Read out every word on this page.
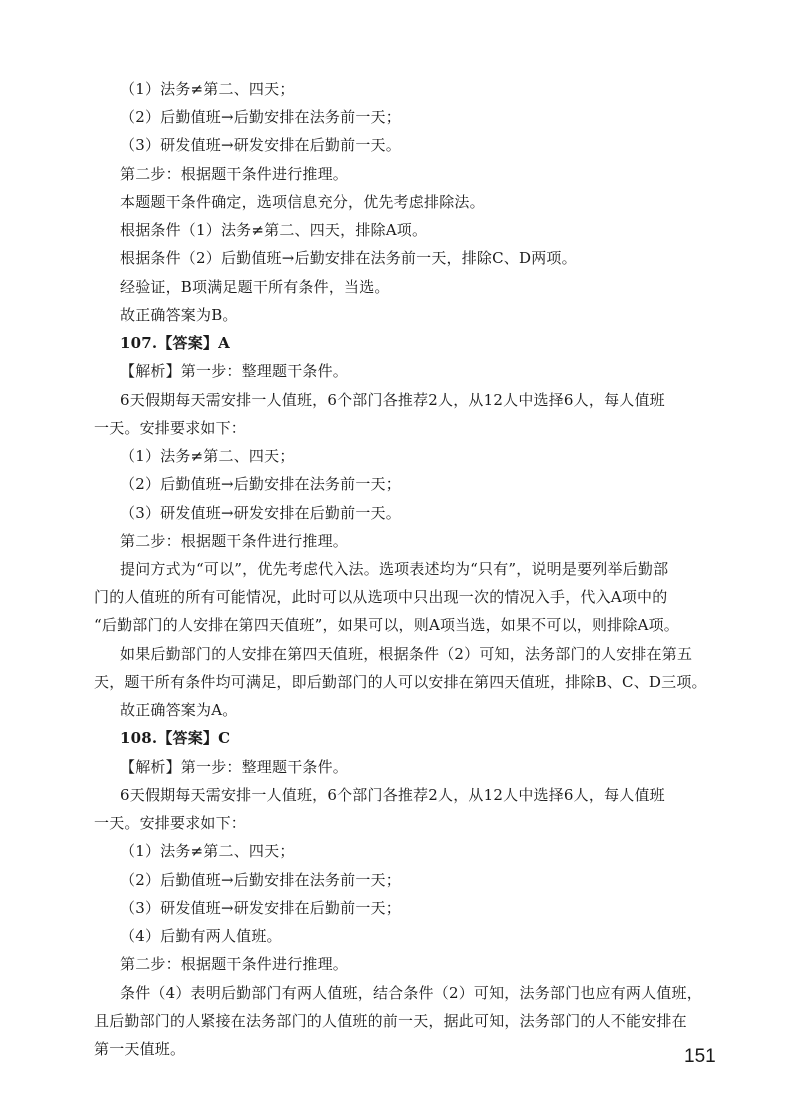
（1）法务≠第二、四天；
（2）后勤值班→后勤安排在法务前一天；
（3）研发值班→研发安排在后勤前一天。
第二步：根据题干条件进行推理。
本题题干条件确定，选项信息充分，优先考虑排除法。
根据条件（1）法务≠第二、四天，排除A项。
根据条件（2）后勤值班→后勤安排在法务前一天，排除C、D两项。
经验证，B项满足题干所有条件，当选。
故正确答案为B。
107.【答案】A
【解析】第一步：整理题干条件。
6天假期每天需安排一人值班，6个部门各推荐2人，从12人中选择6人，每人值班
一天。安排要求如下：
（1）法务≠第二、四天；
（2）后勤值班→后勤安排在法务前一天；
（3）研发值班→研发安排在后勤前一天。
第二步：根据题干条件进行推理。
提问方式为“可以”，优先考虑代入法。选项表述均为“只有”，说明是要列举后勤部
门的人值班的所有可能情况，此时可以从选项中只出现一次的情况入手，代入A项中的
“后勤部门的人安排在第四天值班”，如果可以，则A项当选，如果不可以，则排除A项。
如果后勤部门的人安排在第四天值班，根据条件（2）可知，法务部门的人安排在第五
天，题干所有条件均可满足，即后勤部门的人可以安排在第四天值班，排除B、C、D三项。
故正确答案为A。
108.【答案】C
【解析】第一步：整理题干条件。
6天假期每天需安排一人值班，6个部门各推荐2人，从12人中选择6人，每人值班
一天。安排要求如下：
（1）法务≠第二、四天；
（2）后勤值班→后勤安排在法务前一天；
（3）研发值班→研发安排在后勤前一天；
（4）后勤有两人值班。
第二步：根据题干条件进行推理。
条件（4）表明后勤部门有两人值班，结合条件（2）可知，法务部门也应有两人值班，
且后勤部门的人紧接在法务部门的人值班的前一天，据此可知，法务部门的人不能安排在
第一天值班。	151
